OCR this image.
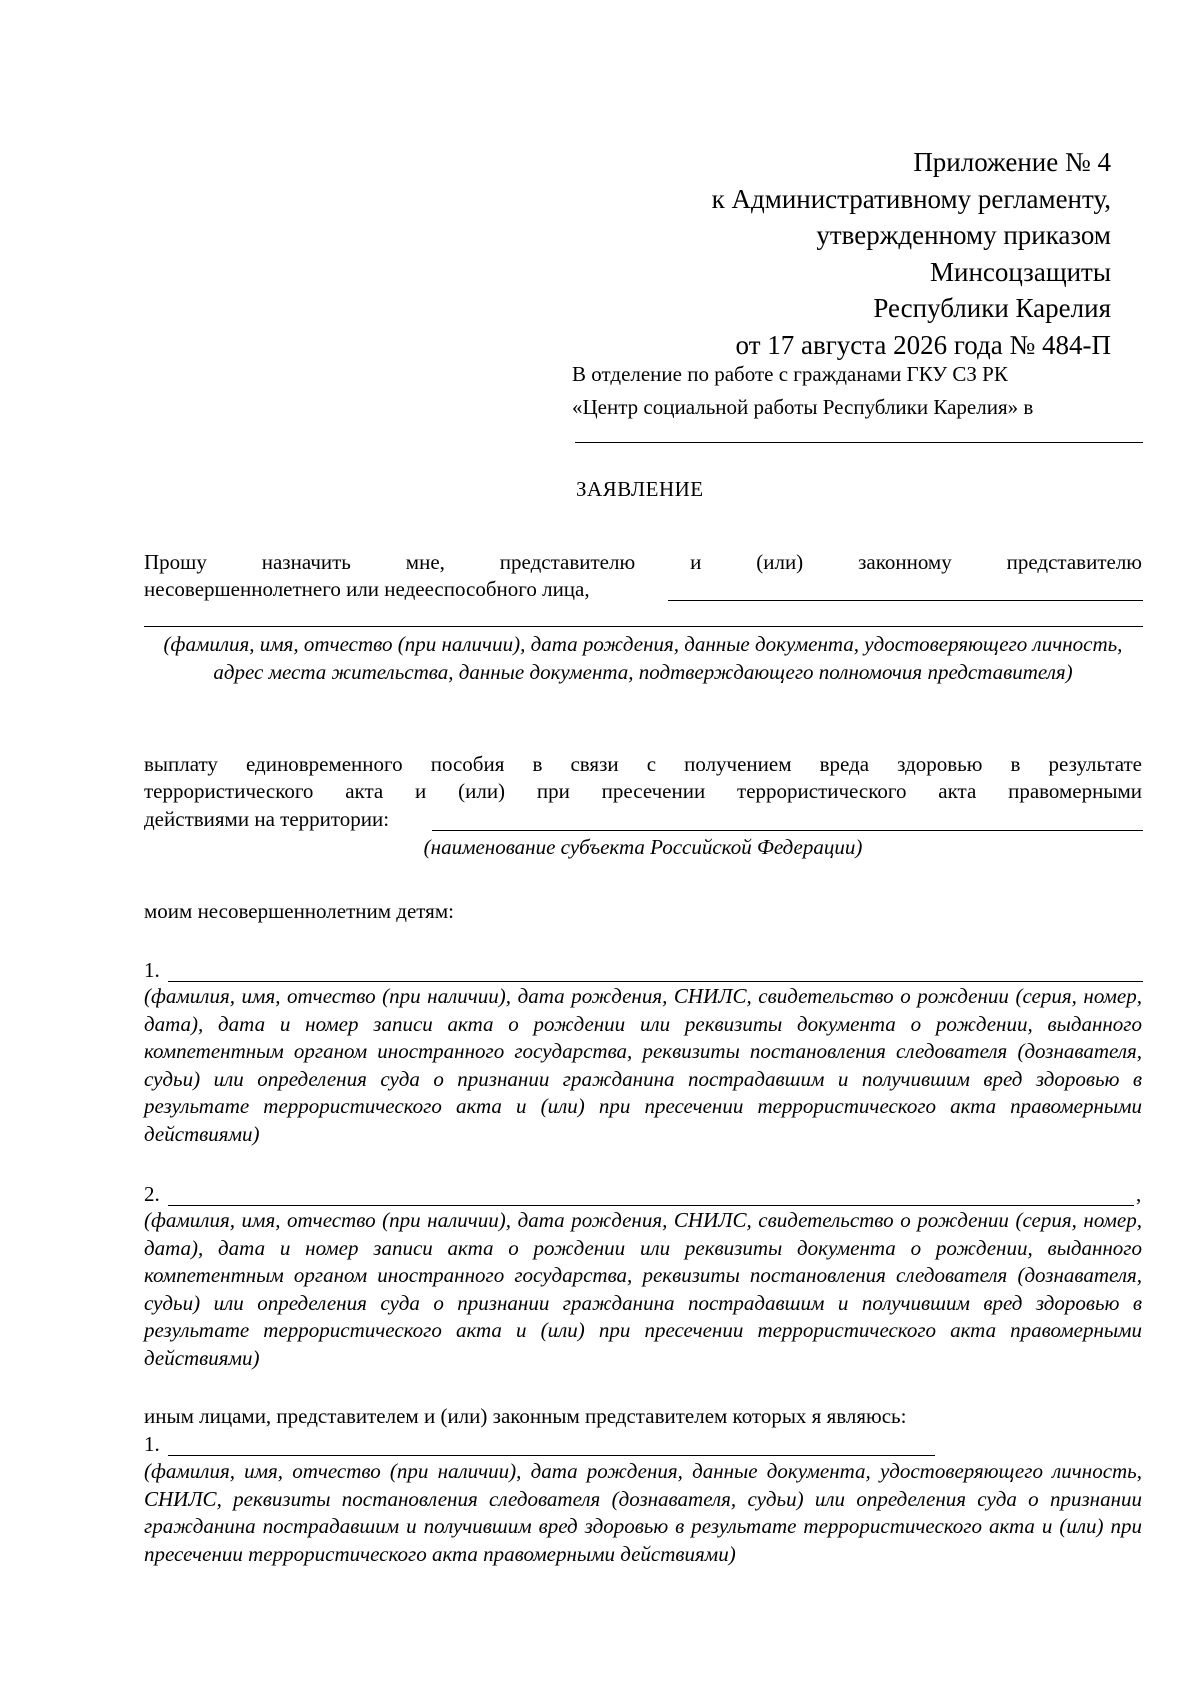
Приложение № 4
к Административному регламенту,
утвержденному приказом
Минсоцзащиты
Республики Карелия
от 17 августа 2026 года № 484-П
В отделение по работе с гражданами ГКУ СЗ РК
«Центр социальной работы Республики Карелия» в
ЗАЯВЛЕНИЕ
Прошу назначить мне, представителю и (или) законному представителю
несовершеннолетнего или недееспособного лица,

(фамилия, имя, отчество (при наличии), дата рождения, данные документа, удостоверяющего личность, адрес места жительства, данные документа, подтверждающего полномочия представителя)

выплату единовременного пособия в связи с получением вреда здоровью в результате
террористического акта и (или) при пресечении террористического акта правомерными
действиями на территории:

(наименование субъекта Российской Федерации)

моим несовершеннолетним детям:
1.

(фамилия, имя, отчество (при наличии), дата рождения, СНИЛС, свидетельство о рождении (серия, номер, дата), дата и номер записи акта о рождении или реквизиты документа о рождении, выданного компетентным органом иностранного государства, реквизиты постановления следователя (дознавателя, судьи) или определения суда о признании гражданина пострадавшим и получившим вред здоровью в результате террористического акта и (или) при пресечении террористического акта правомерными действиями)

2.	,

(фамилия, имя, отчество (при наличии), дата рождения, СНИЛС, свидетельство о рождении (серия, номер, дата), дата и номер записи акта о рождении или реквизиты документа о рождении, выданного компетентным органом иностранного государства, реквизиты постановления следователя (дознавателя, судьи) или определения суда о признании гражданина пострадавшим и получившим вред здоровью в результате террористического акта и (или) при пресечении террористического акта правомерными действиями)

иным лицами, представителем и (или) законным представителем которых я являюсь:
1.

(фамилия, имя, отчество (при наличии), дата рождения, данные документа, удостоверяющего личность, СНИЛС, реквизиты постановления следователя (дознавателя, судьи) или определения суда о признании гражданина пострадавшим и получившим вред здоровью в результате террористического акта и (или) при пресечении террористического акта правомерными действиями)
